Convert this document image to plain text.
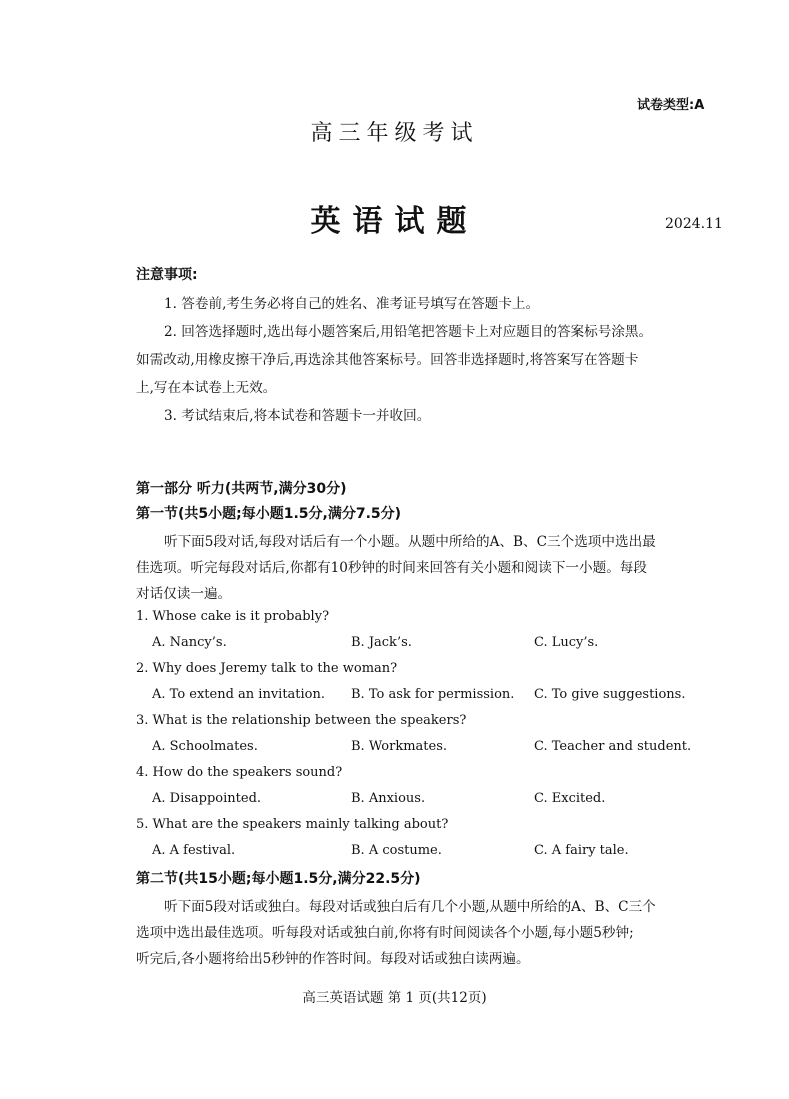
试卷类型:A
高三年级考试
英语试题	2024.11
注意事项:
1. 答卷前,考生务必将自己的姓名、准考证号填写在答题卡上。
2. 回答选择题时,选出每小题答案后,用铅笔把答题卡上对应题目的答案标号涂黑。
如需改动,用橡皮擦干净后,再选涂其他答案标号。回答非选择题时,将答案写在答题卡
上,写在本试卷上无效。
3. 考试结束后,将本试卷和答题卡一并收回。
第一部分 听力(共两节,满分30分)
第一节(共5小题;每小题1.5分,满分7.5分)
听下面5段对话,每段对话后有一个小题。从题中所给的A、B、C三个选项中选出最
佳选项。听完每段对话后,你都有10秒钟的时间来回答有关小题和阅读下一小题。每段
对话仅读一遍。
1. Whose cake is it probably?
A. Nancy’s.	B. Jack’s.	C. Lucy’s.
2. Why does Jeremy talk to the woman?
A. To extend an invitation. B. To ask for permission. C. To give suggestions.
3. What is the relationship between the speakers?
A. Schoolmates.	B. Workmates.	C. Teacher and student.
4. How do the speakers sound?
A. Disappointed.	B. Anxious.	C. Excited.
5. What are the speakers mainly talking about?
A. A festival.	B. A costume.	C. A fairy tale.
第二节(共15小题;每小题1.5分,满分22.5分)
听下面5段对话或独白。每段对话或独白后有几个小题,从题中所给的A、B、C三个
选项中选出最佳选项。听每段对话或独白前,你将有时间阅读各个小题,每小题5秒钟;
听完后,各小题将给出5秒钟的作答时间。每段对话或独白读两遍。
高三英语试题 第 1 页(共12页)
